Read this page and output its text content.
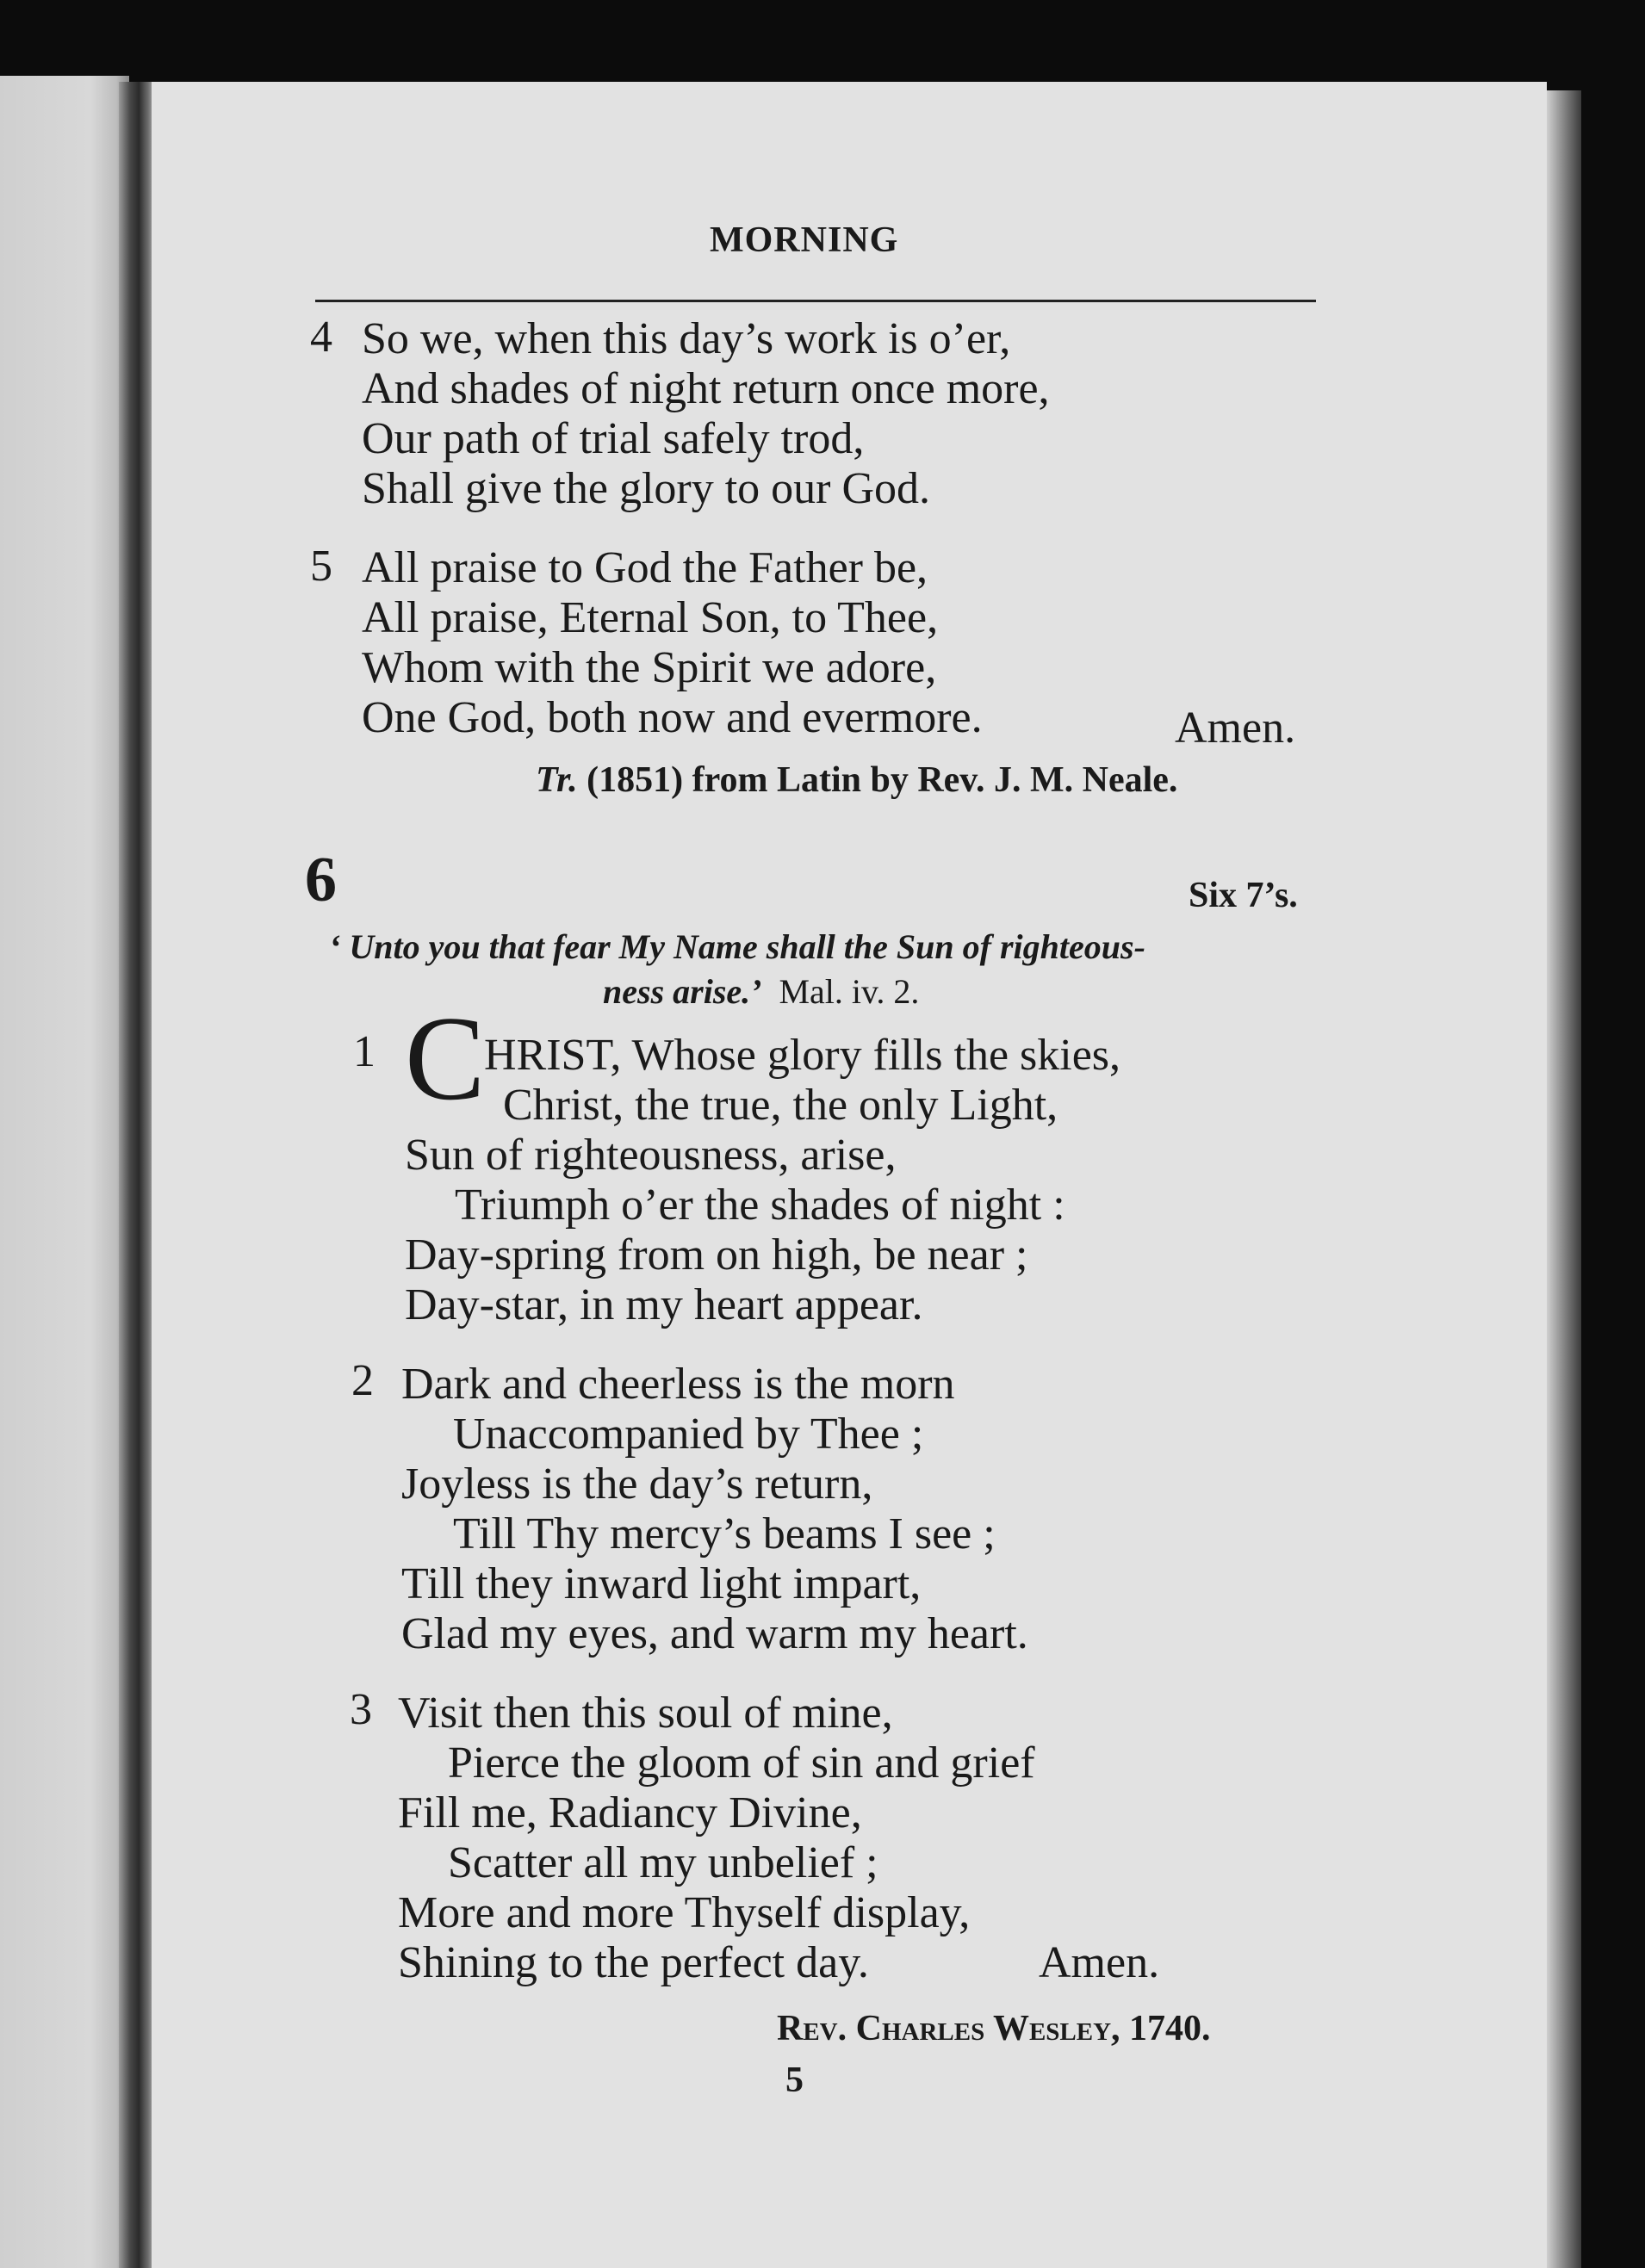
MORNING
4 So we, when this day’s work is o’er,
And shades of night return once more,
Our path of trial safely trod,
Shall give the glory to our God.
5 All praise to God the Father be,
All praise, Eternal Son, to Thee,
Whom with the Spirit we adore,
One God, both now and evermore.	Amen.
Tr. (1851) from Latin by Rev. J. M. Neale.
6	Six 7’s.
‘ Unto you that fear My Name shall the Sun of righteous-
ness arise.’ Mal. iv. 2.
1 C
HRIST, Whose glory fills the skies,
Christ, the true, the only Light,
Sun of righteousness, arise,
Triumph o’er the shades of night :
Day-spring from on high, be near ;
Day-star, in my heart appear.
2 Dark and cheerless is the morn
Unaccompanied by Thee ;
Joyless is the day’s return,
Till Thy mercy’s beams I see ;
Till they inward light impart,
Glad my eyes, and warm my heart.
3 Visit then this soul of mine,
Pierce the gloom of sin and grief
Fill me, Radiancy Divine,
Scatter all my unbelief ;
More and more Thyself display,
Shining to the perfect day.	Amen.
Rev. Charles Wesley, 1740.
5
